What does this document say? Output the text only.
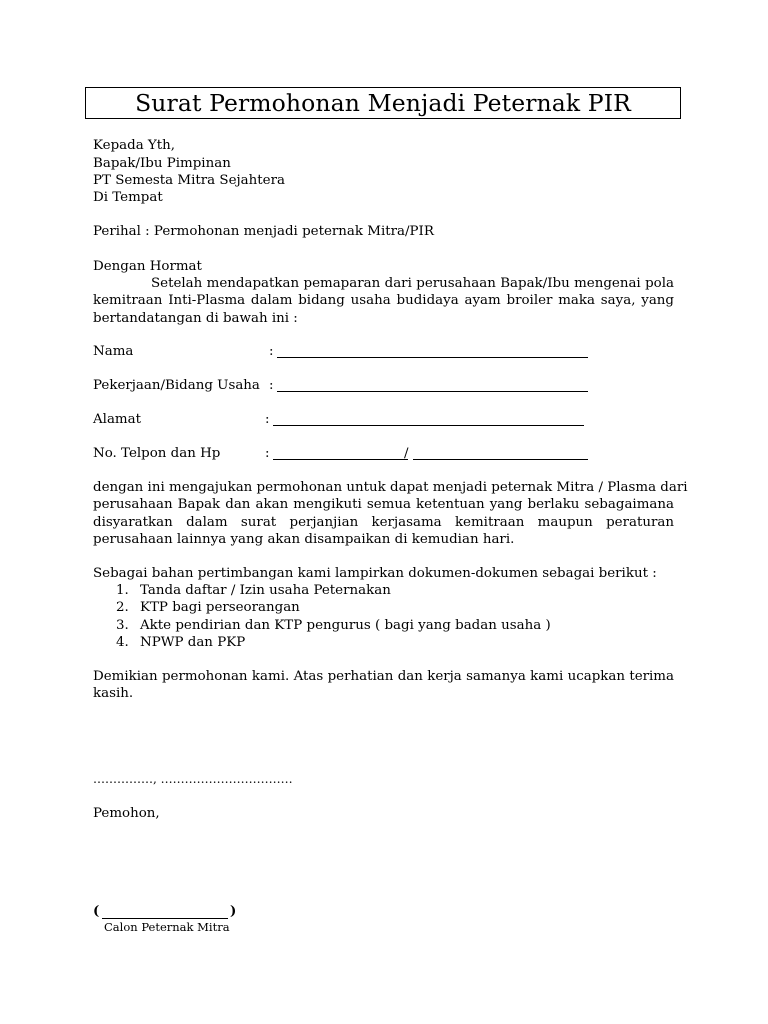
Surat Permohonan Menjadi Peternak PIR
Kepada Yth,
Bapak/Ibu Pimpinan
PT Semesta Mitra Sejahtera
Di Tempat
Perihal : Permohonan menjadi peternak Mitra/PIR
Dengan Hormat
Setelah mendapatkan pemaparan dari perusahaan Bapak/Ibu mengenai pola
kemitraan Inti-Plasma dalam bidang usaha budidaya ayam broiler maka saya, yang
bertandatangan di bawah ini :
Nama	:
Pekerjaan/Bidang Usaha :
Alamat	:
No. Telpon dan Hp	:	/
dengan ini mengajukan permohonan untuk dapat menjadi peternak Mitra / Plasma dari
perusahaan Bapak dan akan mengikuti semua ketentuan yang berlaku sebagaimana
disyaratkan dalam surat perjanjian kerjasama kemitraan maupun peraturan
perusahaan lainnya yang akan disampaikan di kemudian hari.
Sebagai bahan pertimbangan kami lampirkan dokumen-dokumen sebagai berikut :
1. Tanda daftar / Izin usaha Peternakan
2. KTP bagi perseorangan
3. Akte pendirian dan KTP pengurus ( bagi yang badan usaha )
4. NPWP dan PKP
Demikian permohonan kami. Atas perhatian dan kerja samanya kami ucapkan terima
kasih.
……………, ……………………………
Pemohon,
(	)
Calon Peternak Mitra
